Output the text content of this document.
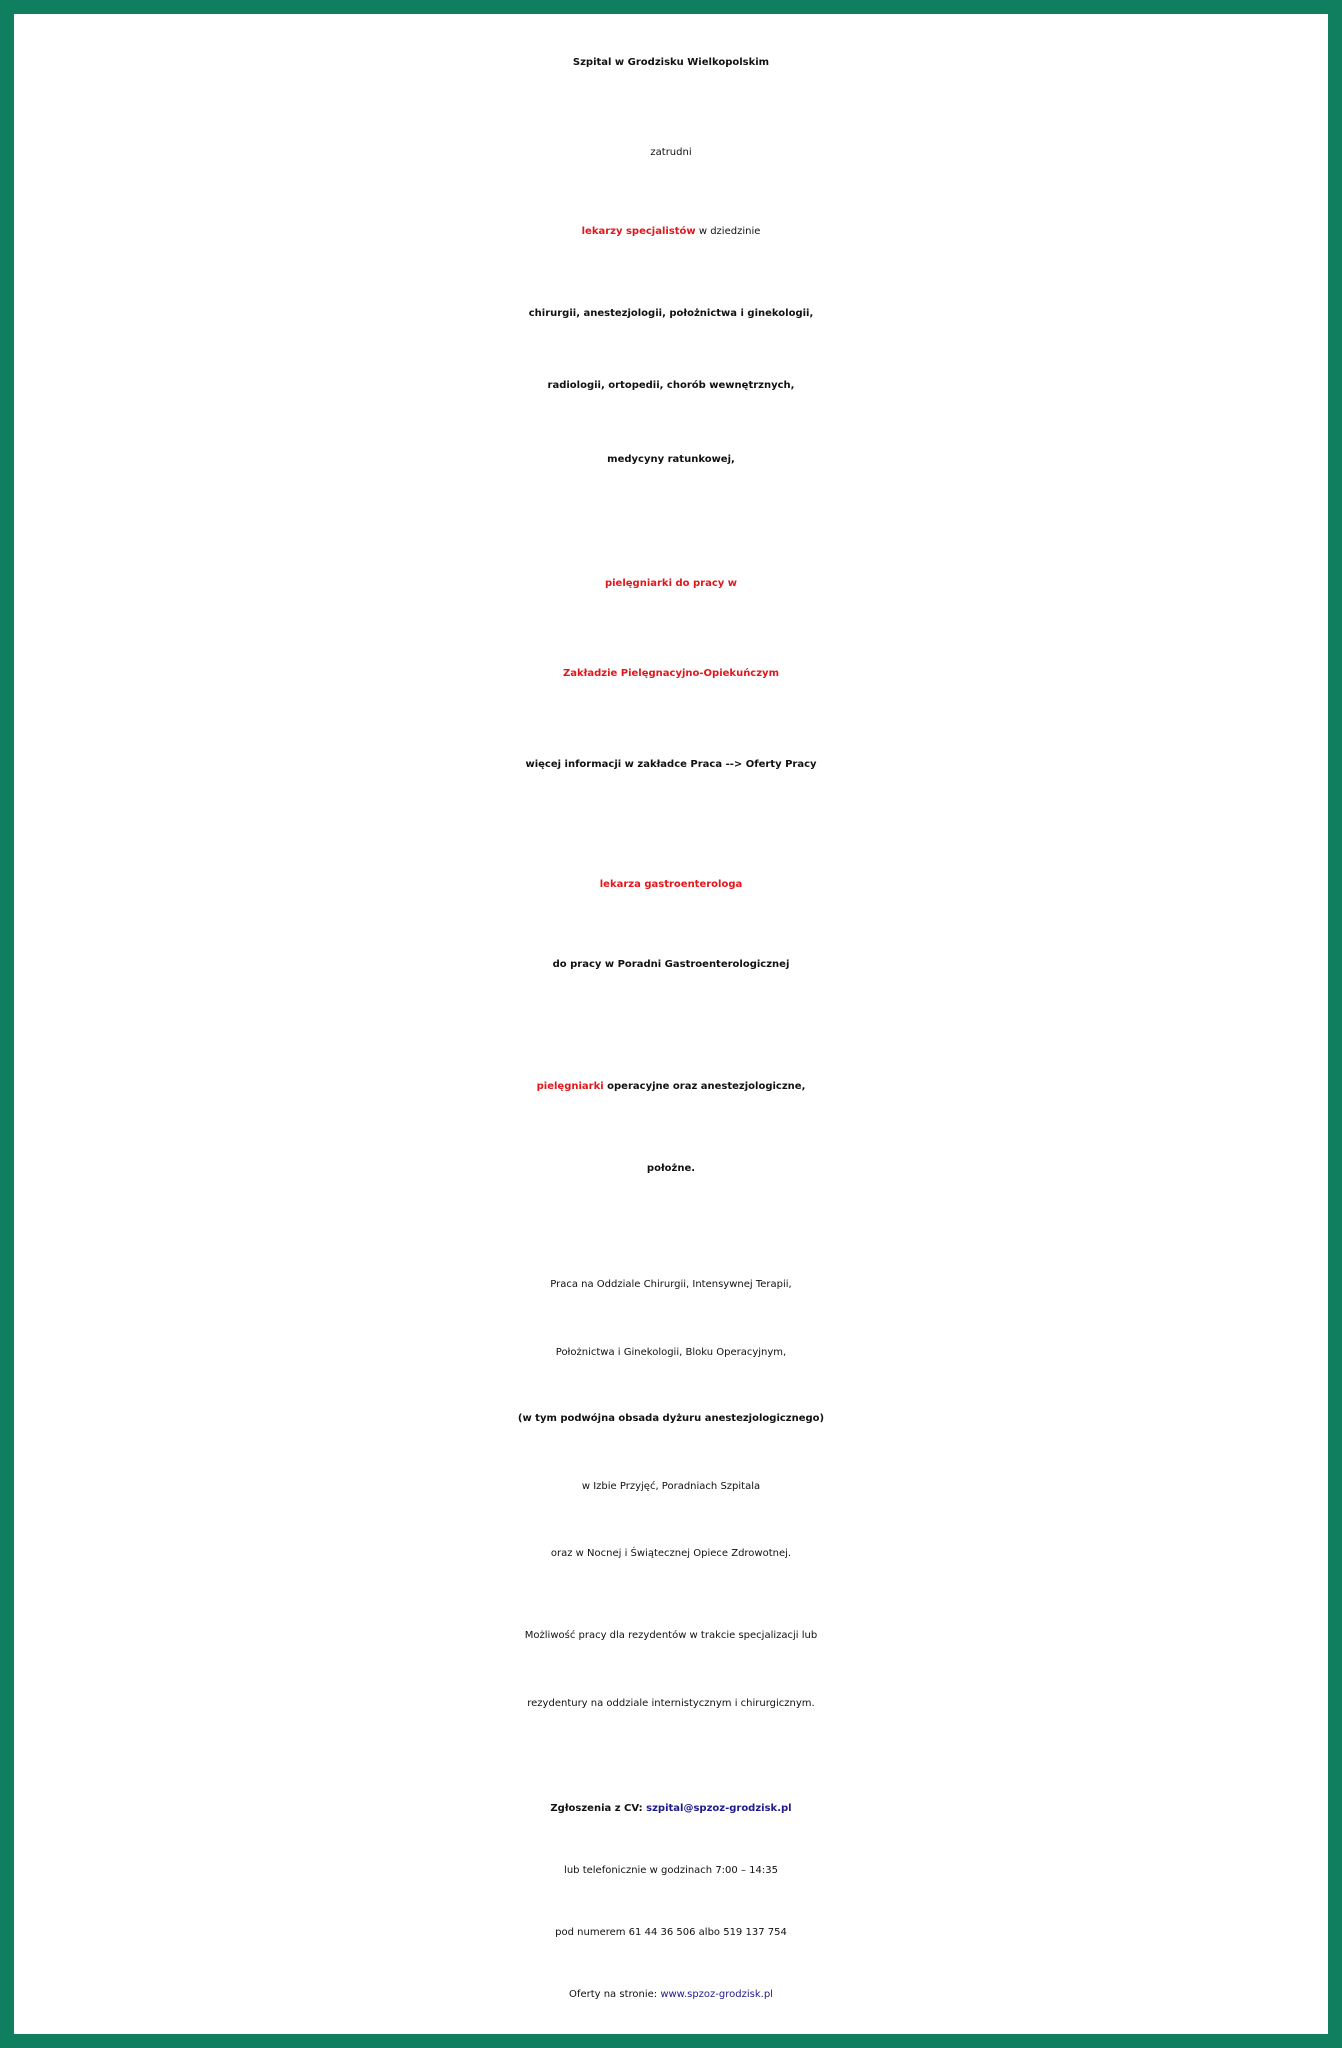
Szpital w Grodzisku Wielkopolskim
zatrudni
lekarzy specjalistów w dziedzinie
chirurgii, anestezjologii, położnictwa i ginekologii,
radiologii, ortopedii, chorób wewnętrznych,
medycyny ratunkowej,
pielęgniarki do pracy w
Zakładzie Pielęgnacyjno-Opiekuńczym
więcej informacji w zakładce Praca --> Oferty Pracy
lekarza gastroenterologa
do pracy w Poradni Gastroenterologicznej
pielęgniarki operacyjne oraz anestezjologiczne,
położne.
Praca na Oddziale Chirurgii, Intensywnej Terapii,
Położnictwa i Ginekologii, Bloku Operacyjnym,
(w tym podwójna obsada dyżuru anestezjologicznego)
w Izbie Przyjęć, Poradniach Szpitala
oraz w Nocnej i Świątecznej Opiece Zdrowotnej.
Możliwość pracy dla rezydentów w trakcie specjalizacji lub
rezydentury na oddziale internistycznym i chirurgicznym.
Zgłoszenia z CV: szpital@spzoz-grodzisk.pl
lub telefonicznie w godzinach 7:00 – 14:35
pod numerem 61 44 36 506 albo 519 137 754
Oferty na stronie: www.spzoz-grodzisk.pl
